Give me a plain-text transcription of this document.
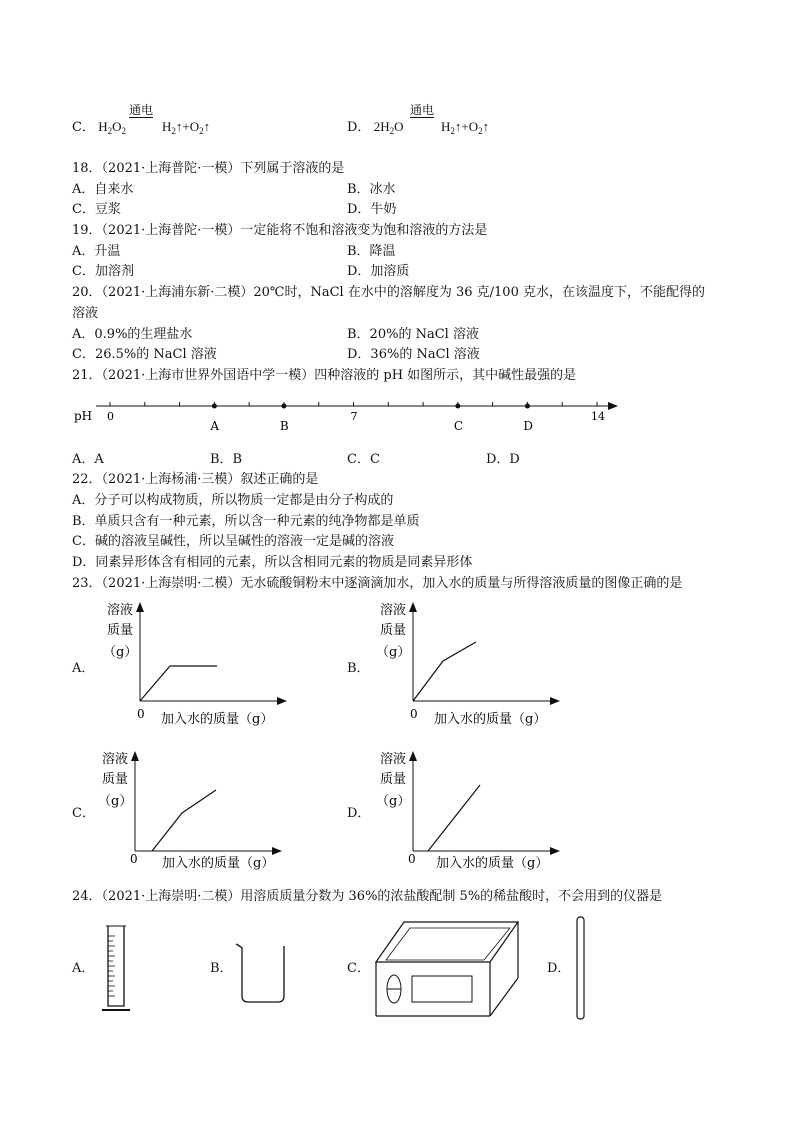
C． $H_2O_2$
通电
$H_2↑+O_2↑$	D． $2H_2O$
通电
$H_2↑+O_2↑$
18．（2021·上海普陀·一模）下列属于溶液的是
A．自来水	B．冰水
C．豆浆	D．牛奶
19．（2021·上海普陀·一模）一定能将不饱和溶液变为饱和溶液的方法是
A．升温	B．降温
C．加溶剂	D．加溶质
20．（2021·上海浦东新·二模）20℃时，NaCl 在水中的溶解度为 36 克/100 克水，在该温度下，不能配得的
溶液
A．0.9%的生理盐水	B．20%的 NaCl 溶液
C．26.5%的 NaCl 溶液	D．36%的 NaCl 溶液
21．（2021·上海市世界外国语中学一模）四种溶液的 pH 如图所示，其中碱性最强的是
pH 0	7	14
A	B	C	D
A．A	B．B	C．C	D．D
22．（2021·上海杨浦·三模）叙述正确的是
A．分子可以构成物质，所以物质一定都是由分子构成的
B．单质只含有一种元素，所以含一种元素的纯净物都是单质
C．碱的溶液呈碱性，所以呈碱性的溶液一定是碱的溶液
D．同素异形体含有相同的元素，所以含相同元素的物质是同素异形体
23．（2021·上海崇明·二模）无水硫酸铜粉末中逐滴滴加水，加入水的质量与所得溶液质量的图像正确的是
A．
溶液
质量
（g）
0 加入水的质量（g）
B．
溶液
质量
（g）
0 加入水的质量（g）
C．
溶液
质量
（g）
0 加入水的质量（g）
D．
溶液
质量
（g）
0 加入水的质量（g）
24．（2021·上海崇明·二模）用溶质质量分数为 36%的浓盐酸配制 5%的稀盐酸时，不会用到的仪器是
A．	B．	C．	D．
